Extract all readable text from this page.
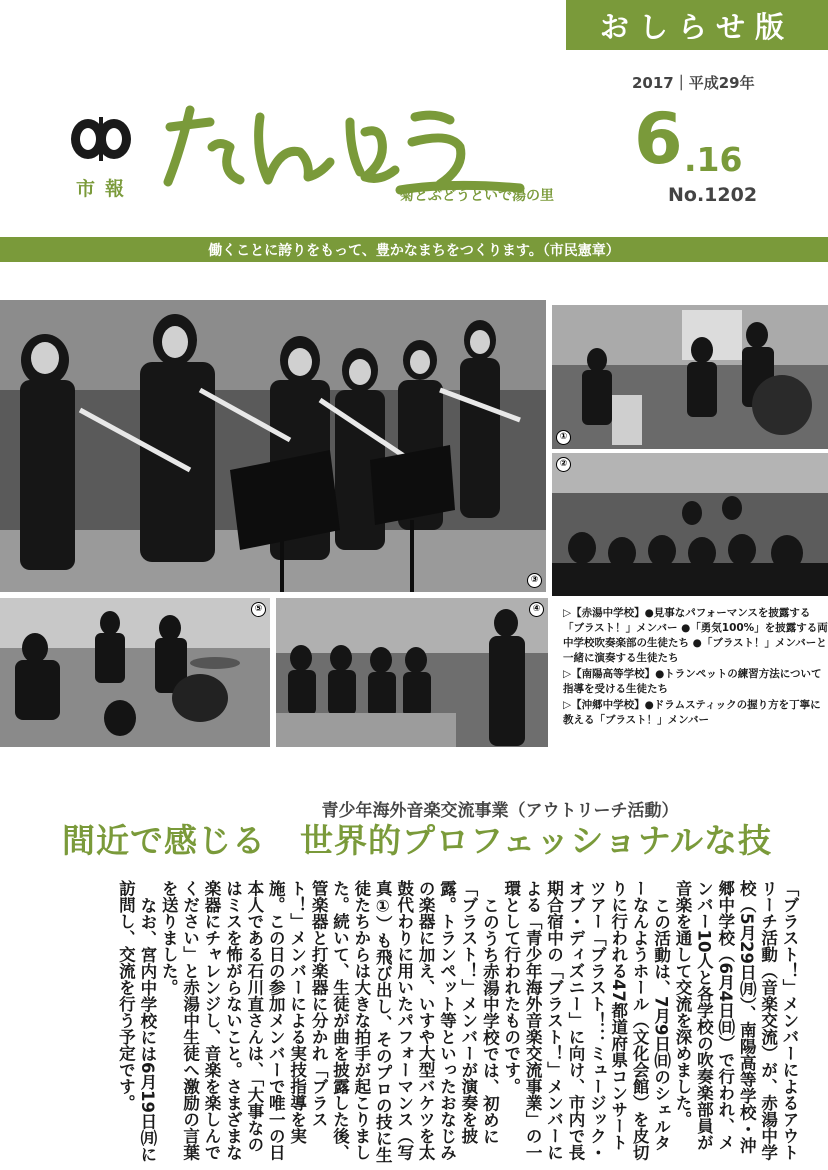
おしらせ版
市報	菊とぶどうといで湯の里
2017｜平成29年
6 .16
No.1202
働くことに誇りをもって、豊かなまちをつくります。（市民憲章）
③
①
②
⑤	④	▷【赤湯中学校】●見事なパフォーマンスを披露する「ブラスト！」メンバー ●「勇気100%」を披露する両中学校吹奏楽部の生徒たち ●「ブラスト！」メンバーと一緒に演奏する生徒たち
▷【南陽高等学校】●トランペットの練習方法について指導を受ける生徒たち
▷【沖郷中学校】●ドラムスティックの握り方を丁寧に教える「ブラスト！」メンバー
青少年海外音楽交流事業（アウトリーチ活動）
間近で感じる　世界的プロフェッショナルな技

「ブラスト！」メンバーによるアウトリーチ活動（音楽交流）が、赤湯中学校（5月29日㈪）、南陽高等学校・沖郷中学校（6月4日㈰）で行われ、メンバー10人と各学校の吹奏楽部員が音楽を通して交流を深めました。

この活動は、7月9日㈰のシェルターなんようホール（文化会館）を皮切りに行われる47都道府県コンサートツアー「ブラスト！：ミュージック・オブ・ディズニー」に向け、市内で長期合宿中の「ブラスト！」メンバーによる「青少年海外音楽交流事業」の一環として行われたものです。

このうち赤湯中学校では、初めに「ブラスト！」メンバーが演奏を披露。トランペット等といったおなじみの楽器に加え、いすや大型バケツを太鼓代わりに用いたパフォーマンス（写真①）も飛び出し、そのプロの技に生徒たちからは大きな拍手が起こりました。続いて、生徒が曲を披露した後、管楽器と打楽器に分かれ「ブラスト！」メンバーによる実技指導を実施。この日の参加メンバーで唯一の日本人である石川直さんは、「大事なのはミスを怖がらないこと。さまざまな楽器にチャレンジし、音楽を楽しんでください」と赤湯中生徒へ激励の言葉を送りました。

なお、宮内中学校には6月19日㈪に訪問し、交流を行う予定です。
